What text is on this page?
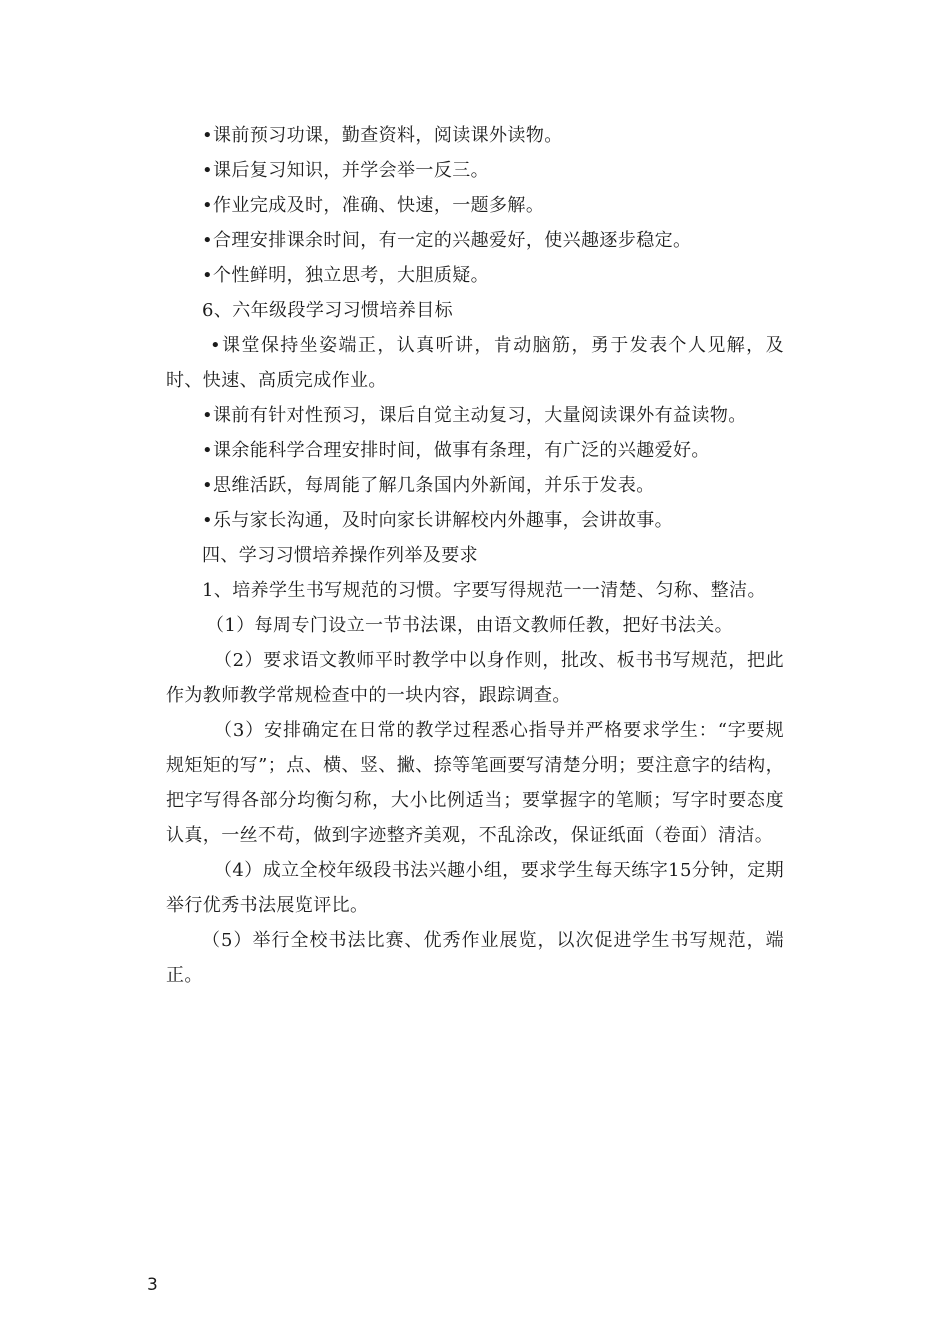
•课前预习功课，勤查资料，阅读课外读物。

•课后复习知识，并学会举一反三。

•作业完成及时，准确、快速，一题多解。

•合理安排课余时间，有一定的兴趣爱好，使兴趣逐步稳定。

•个性鲜明，独立思考，大胆质疑。

6、六年级段学习习惯培养目标

•课堂保持坐姿端正，认真听讲，肯动脑筋，勇于发表个人见解，及时、快速、高质完成作业。

•课前有针对性预习，课后自觉主动复习，大量阅读课外有益读物。

•课余能科学合理安排时间，做事有条理，有广泛的兴趣爱好。

•思维活跃，每周能了解几条国内外新闻，并乐于发表。

•乐与家长沟通，及时向家长讲解校内外趣事，会讲故事。

四、学习习惯培养操作列举及要求

1、培养学生书写规范的习惯。字要写得规范一一清楚、匀称、整洁。

（1）每周专门设立一节书法课，由语文教师任教，把好书法关。

（2）要求语文教师平时教学中以身作则，批改、板书书写规范，把此作为教师教学常规检查中的一块内容，跟踪调查。

（3）安排确定在日常的教学过程悉心指导并严格要求学生：“字要规规矩矩的写”；点、横、竖、撇、捺等笔画要写清楚分明；要注意字的结构，把字写得各部分均衡匀称，大小比例适当；要掌握字的笔顺；写字时要态度认真，一丝不苟，做到字迹整齐美观，不乱涂改，保证纸面（卷面）清洁。

（4）成立全校年级段书法兴趣小组，要求学生每天练字15分钟，定期举行优秀书法展览评比。

（5）举行全校书法比赛、优秀作业展览，以次促进学生书写规范，端正。

3
